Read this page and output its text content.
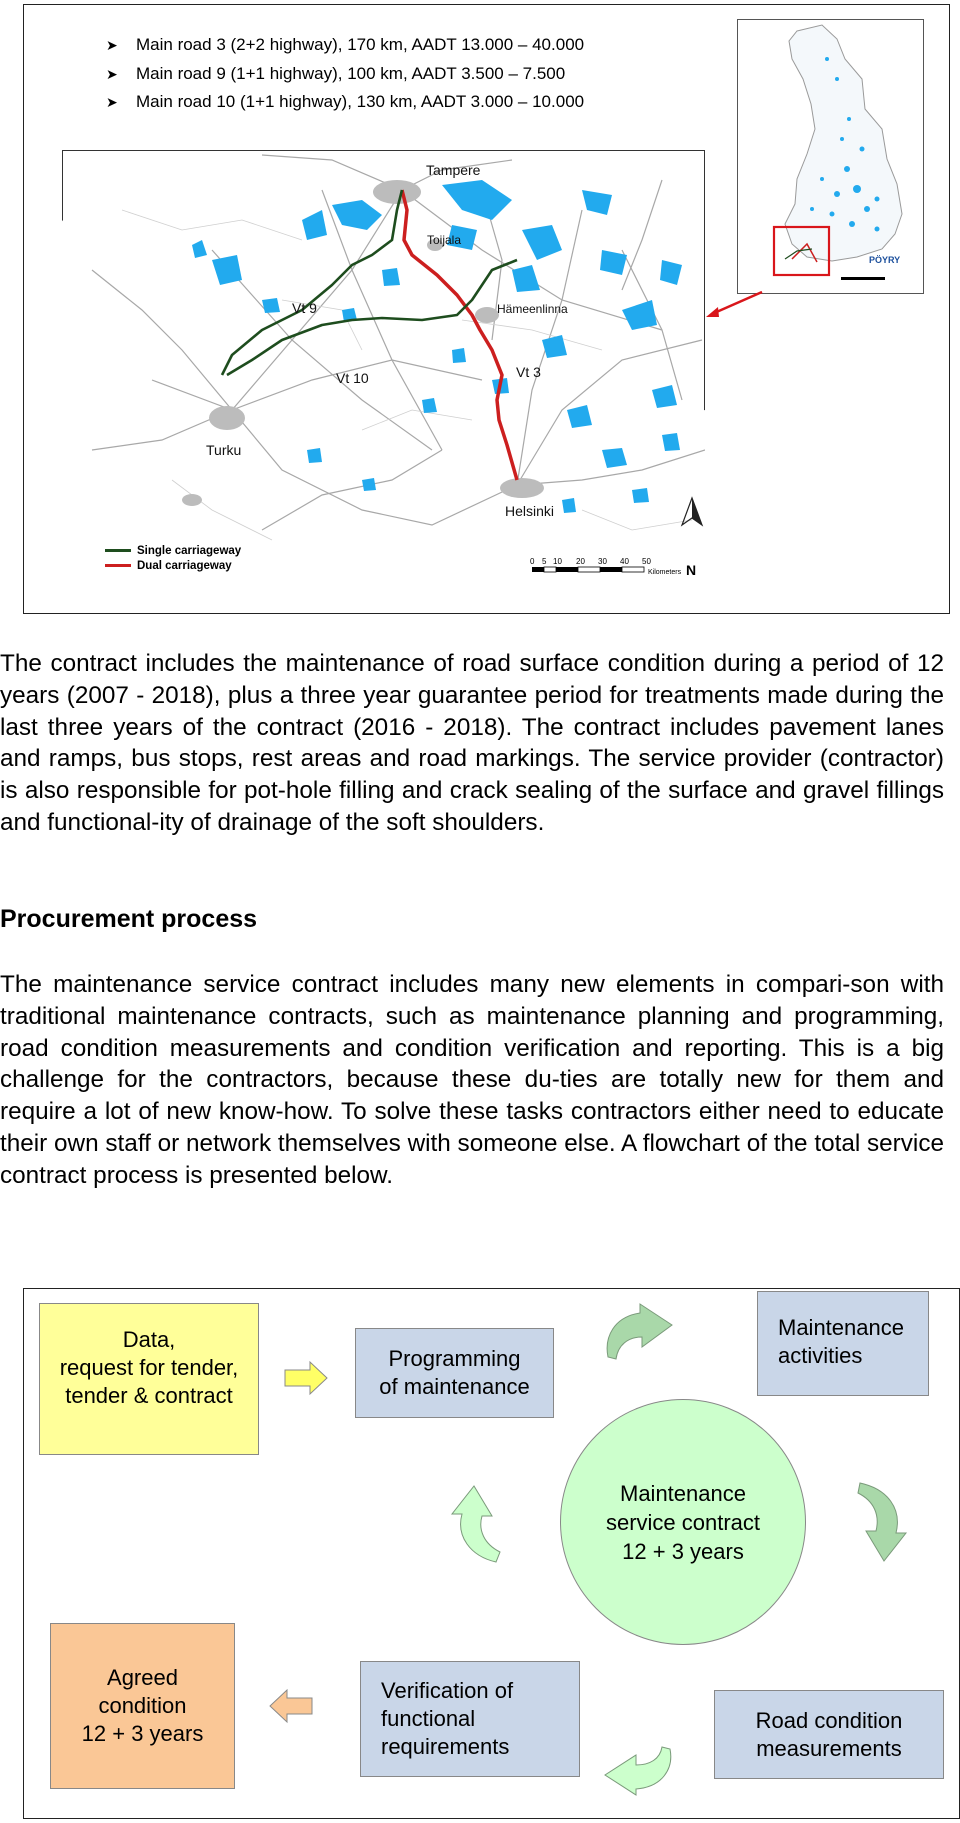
➤ Main road 3 (2+2 highway), 170 km, AADT 13.000 – 40.000
➤ Main road 9 (1+1 highway), 100 km, AADT 3.500 – 7.500
➤ Main road 10 (1+1 highway), 130 km, AADT 3.000 – 10.000
0 5 10 20 30 40 50
Kilometers N
Tampere
Toijala
Hämeenlinna
Turku
Helsinki
Vt 9
Vt 10	Vt 3
Single carriageway
Dual carriageway
PÖYRY

The contract includes the maintenance of road surface condition during a period of 12 years (2007 - 2018), plus a three year guarantee period for treatments made during the last three years of the contract (2016 - 2018). The contract includes pavement lanes and ramps, bus stops, rest areas and road markings. The service provider (contractor) is also responsible for pot-hole filling and crack sealing of the surface and gravel fillings and functional-ity of drainage of the soft shoulders.

Procurement process

The maintenance service contract includes many new elements in compari-son with traditional maintenance contracts, such as maintenance planning and programming, road condition measurements and condition verification and reporting. This is a big challenge for the contractors, because these du-ties are totally new for them and require a lot of new know-how. To solve these tasks contractors either need to educate their own staff or network themselves with someone else. A flowchart of the total service contract process is presented below.

Data,
request for tender,
tender & contract
Programming
of maintenance
Maintenance
activities
Maintenance
service contract
12 + 3 years
Agreed
condition
12 + 3 years
Verification of
functional
requirements
Road condition
measurements
